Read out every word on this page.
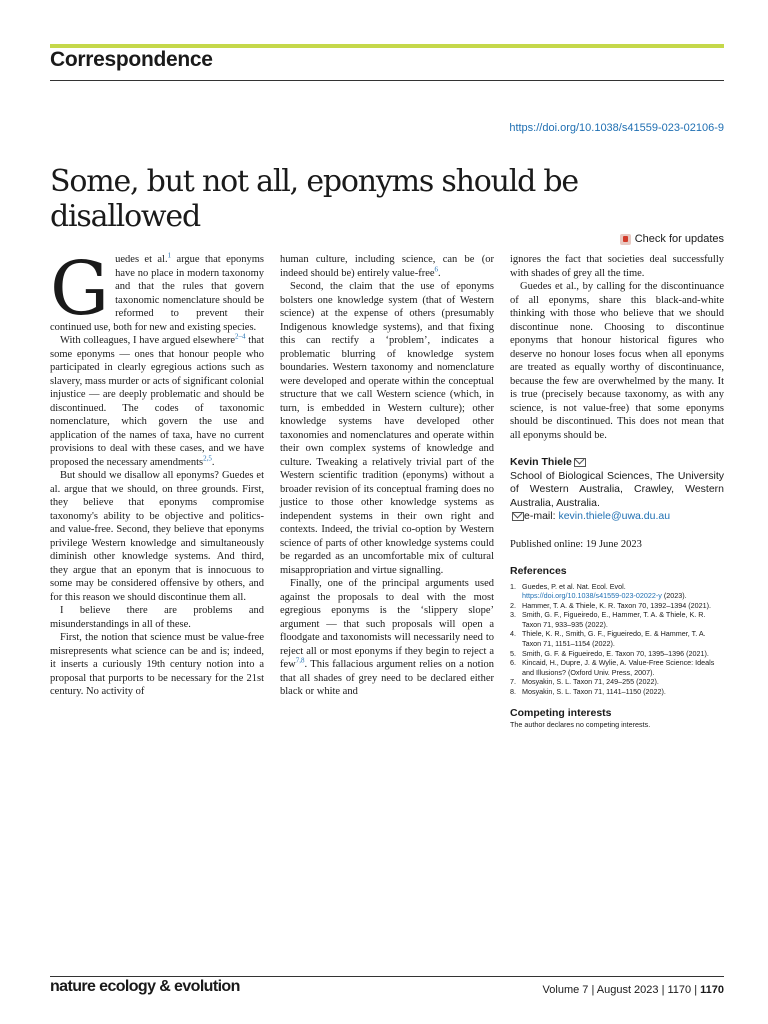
Correspondence
https://doi.org/10.1038/s41559-023-02106-9
Some, but not all, eponyms should be disallowed
Check for updates

Guedes et al.$^1$ argue that eponyms have no place in modern taxonomy and that the rules that govern taxonomic nomenclature should be reformed to prevent their continued use, both for new and existing species.

With colleagues, I have argued elsewhere$^{2-4}$ that some eponyms — ones that honour people who participated in clearly egregious actions such as slavery, mass murder or acts of significant colonial injustice — are deeply problematic and should be discontinued. The codes of taxonomic nomenclature, which govern the use and application of the names of taxa, have no current provisions to deal with these cases, and we have proposed the necessary amendments$^{2,5}$.

But should we disallow all eponyms? Guedes et al. argue that we should, on three grounds. First, they believe that eponyms compromise taxonomy's ability to be objective and politics- and value-free. Second, they believe that eponyms privilege Western knowledge and simultaneously diminish other knowledge systems. And third, they argue that an eponym that is innocuous to some may be considered offensive by others, and for this reason we should discontinue them all.

I believe there are problems and misunderstandings in all of these.

First, the notion that science must be value-free misrepresents what science can be and is; indeed, it inserts a curiously 19th century notion into a proposal that purports to be necessary for the 21st century. No activity of

human culture, including science, can be (or indeed should be) entirely value-free$^6$.

Second, the claim that the use of eponyms bolsters one knowledge system (that of Western science) at the expense of others (presumably Indigenous knowledge systems), and that fixing this can rectify a ‘problem’, indicates a problematic blurring of knowledge system boundaries. Western taxonomy and nomenclature were developed and operate within the conceptual structure that we call Western science (which, in turn, is embedded in Western culture); other knowledge systems have developed other taxonomies and nomenclatures and operate within their own complex systems of knowledge and culture. Tweaking a relatively trivial part of the Western scientific tradition (eponyms) without a broader revision of its conceptual framing does no justice to those other knowledge systems as independent systems in their own right and contexts. Indeed, the trivial co-option by Western science of parts of other knowledge systems could be regarded as an uncomfortable mix of cultural misappropriation and virtue signalling.

Finally, one of the principal arguments used against the proposals to deal with the most egregious eponyms is the ‘slippery slope’ argument — that such proposals will open a floodgate and taxonomists will necessarily need to reject all or most eponyms if they begin to reject a few$^{7,8}$. This fallacious argument relies on a notion that all shades of grey need to be declared either black or white and

ignores the fact that societies deal successfully with shades of grey all the time.

Guedes et al., by calling for the discontinuance of all eponyms, share this black-and-white thinking with those who believe that we should discontinue none. Choosing to discontinue eponyms that honour historical figures who deserve no honour loses focus when all eponyms are treated as equally worthy of discontinuance, because the few are overwhelmed by the many. It is true (precisely because taxonomy, as with any science, is not value-free) that some eponyms should be discontinued. This does not mean that all eponyms should be.

Kevin Thiele
School of Biological Sciences, The University of Western Australia, Crawley, Western Australia, Australia.
e-mail: kevin.thiele@uwa.du.au
Published online: 19 June 2023
References
1. Guedes, P. et al. Nat. Ecol. Evol. https://doi.org/10.1038/s41559-023-02022-y (2023).
2. Hammer, T. A. & Thiele, K. R. Taxon 70, 1392–1394 (2021).
3. Smith, G. F., Figueiredo, E., Hammer, T. A. & Thiele, K. R. Taxon 71, 933–935 (2022).
4. Thiele, K. R., Smith, G. F., Figueiredo, E. & Hammer, T. A. Taxon 71, 1151–1154 (2022).
5. Smith, G. F. & Figueiredo, E. Taxon 70, 1395–1396 (2021).
6. Kincaid, H., Dupre, J. & Wylie, A. Value-Free Science: Ideals and Illusions? (Oxford Univ. Press, 2007).
7. Mosyakin, S. L. Taxon 71, 249–255 (2022).
8. Mosyakin, S. L. Taxon 71, 1141–1150 (2022).
Competing interests
The author declares no competing interests.
nature ecology & evolution	Volume 7 | August 2023 | 1170 | 1170
